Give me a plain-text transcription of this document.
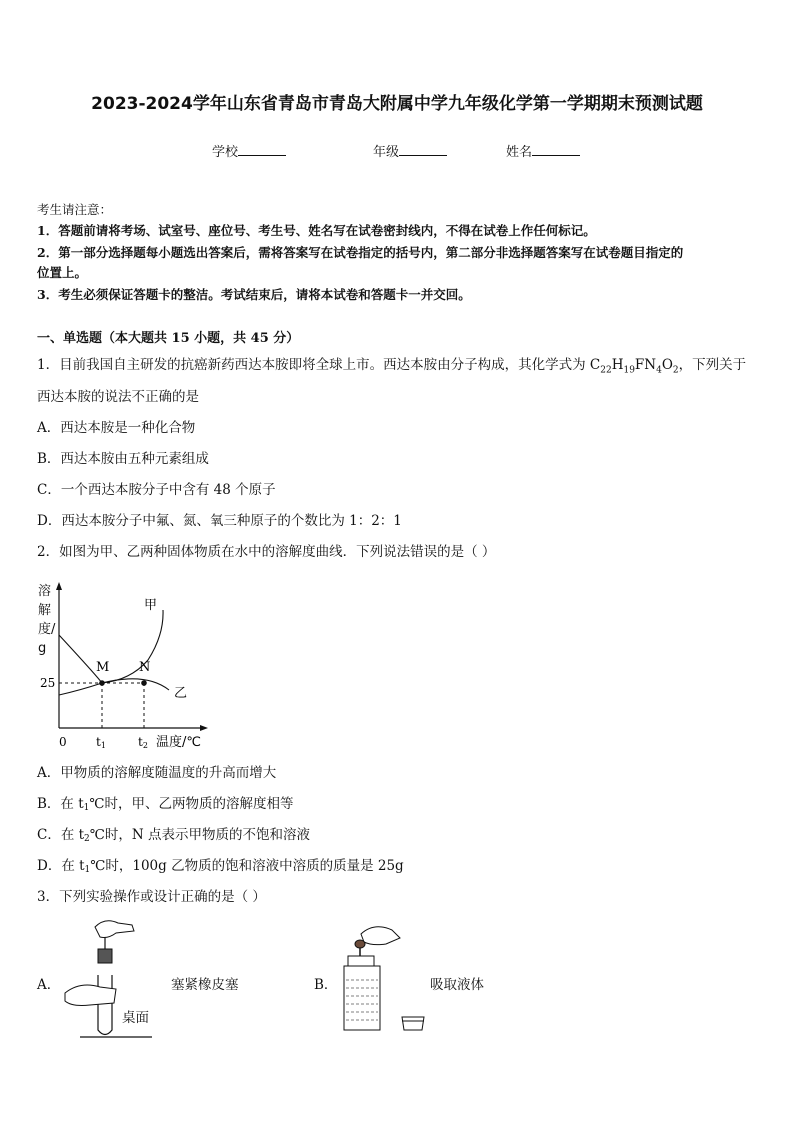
2023-2024学年山东省青岛市青岛大附属中学九年级化学第一学期期末预测试题
学校	年级	姓名
考生请注意：
1．答题前请将考场、试室号、座位号、考生号、姓名写在试卷密封线内，不得在试卷上作任何标记。
2．第一部分选择题每小题选出答案后，需将答案写在试卷指定的括号内，第二部分非选择题答案写在试卷题目指定的
位置上。
3．考生必须保证答题卡的整洁。考试结束后，请将本试卷和答题卡一并交回。
一、单选题（本大题共 15 小题，共 45 分）
1．目前我国自主研发的抗癌新药西达本胺即将全球上市。西达本胺由分子构成，其化学式为 $C_{22}H_{19}FN_4O_2$，下列关于
西达本胺的说法不正确的是
A．西达本胺是一种化合物
B．西达本胺由五种元素组成
C．一个西达本胺分子中含有 48 个原子
D．西达本胺分子中氟、氮、氧三种原子的个数比为 1：2：1
2．如图为甲、乙两种固体物质在水中的溶解度曲线．下列说法错误的是（ ）
M N
甲
乙
25
0 t1	t2 温度/℃
溶解度/g
A．甲物质的溶解度随温度的升高而增大
B．在 $t_1℃$时，甲、乙两物质的溶解度相等
C．在 $t_2℃$时，N 点表示甲物质的不饱和溶液
D．在 $t_1℃$时，100g 乙物质的饱和溶液中溶质的质量是 25g
3．下列实验操作或设计正确的是（ ）
A．	塞紧橡皮塞
桌面
B．	吸取液体
